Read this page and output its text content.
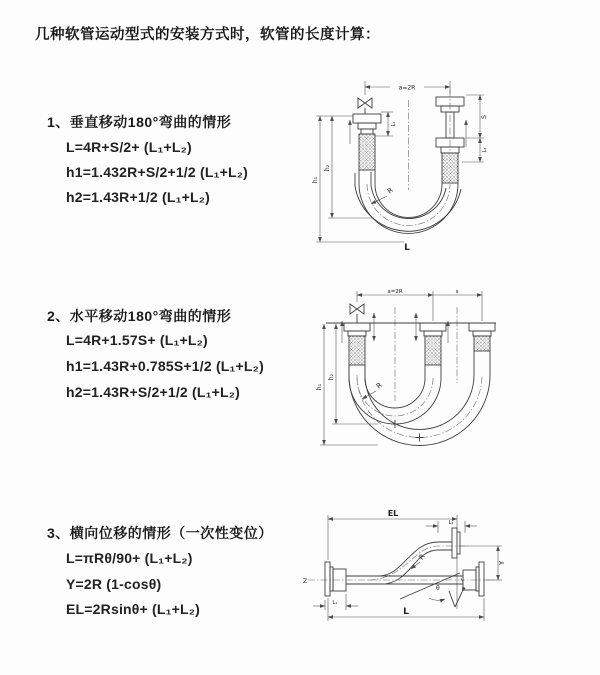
几种软管运动型式的安装方式时，软管的长度计算：
1、垂直移动180°弯曲的情形
L=4R+S/2+ (L₁+L₂)
h1=1.432R+S/2+1/2 (L₁+L₂)
h2=1.43R+1/2 (L₁+L₂)
2、水平移动180°弯曲的情形
L=4R+1.57S+ (L₁+L₂)
h1=1.43R+0.785S+1/2 (L₁+L₂)
h2=1.43R+S/2+1/2 (L₁+L₂)
3、横向位移的情形（一次性变位）
L=πRθ/90+ (L₁+L₂)
Y=2R (1-cosθ)
EL=2Rsinθ+ (L₁+L₂)
a=2R
S
L₂
h₁
h₂
L₁
R
L
a=2R	s
h₁
h₂
R
EL
L₂
Y
θ
R
L
L₁
Z
